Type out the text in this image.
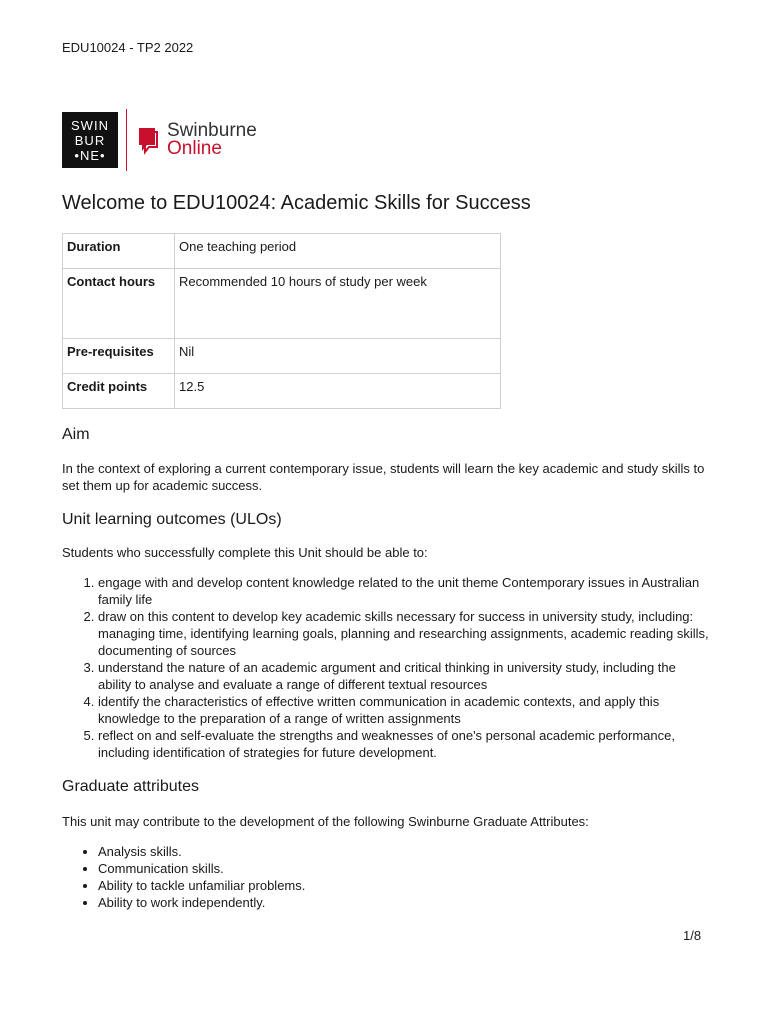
EDU10024 - TP2 2022
SWIN
BUR
•NE•
Swinburne
Online
Welcome to EDU10024: Academic Skills for Success
Duration	One teaching period
Contact hours	Recommended 10 hours of study per week
Pre-requisites	Nil
Credit points	12.5
Aim

In the context of exploring a current contemporary issue, students will learn the key academic and study skills to set them up for academic success.

Unit learning outcomes (ULOs)

Students who successfully complete this Unit should be able to:

1. engage with and develop content knowledge related to the unit theme Contemporary issues in Australian family life
2. draw on this content to develop key academic skills necessary for success in university study, including: managing time, identifying learning goals, planning and researching assignments, academic reading skills, documenting of sources
3. understand the nature of an academic argument and critical thinking in university study, including the ability to analyse and evaluate a range of different textual resources
4. identify the characteristics of effective written communication in academic contexts, and apply this knowledge to the preparation of a range of written assignments
5. reflect on and self-evaluate the strengths and weaknesses of one's personal academic performance, including identification of strategies for future development.
Graduate attributes

This unit may contribute to the development of the following Swinburne Graduate Attributes:

• Analysis skills.
• Communication skills.
• Ability to tackle unfamiliar problems.
• Ability to work independently.
1/8
